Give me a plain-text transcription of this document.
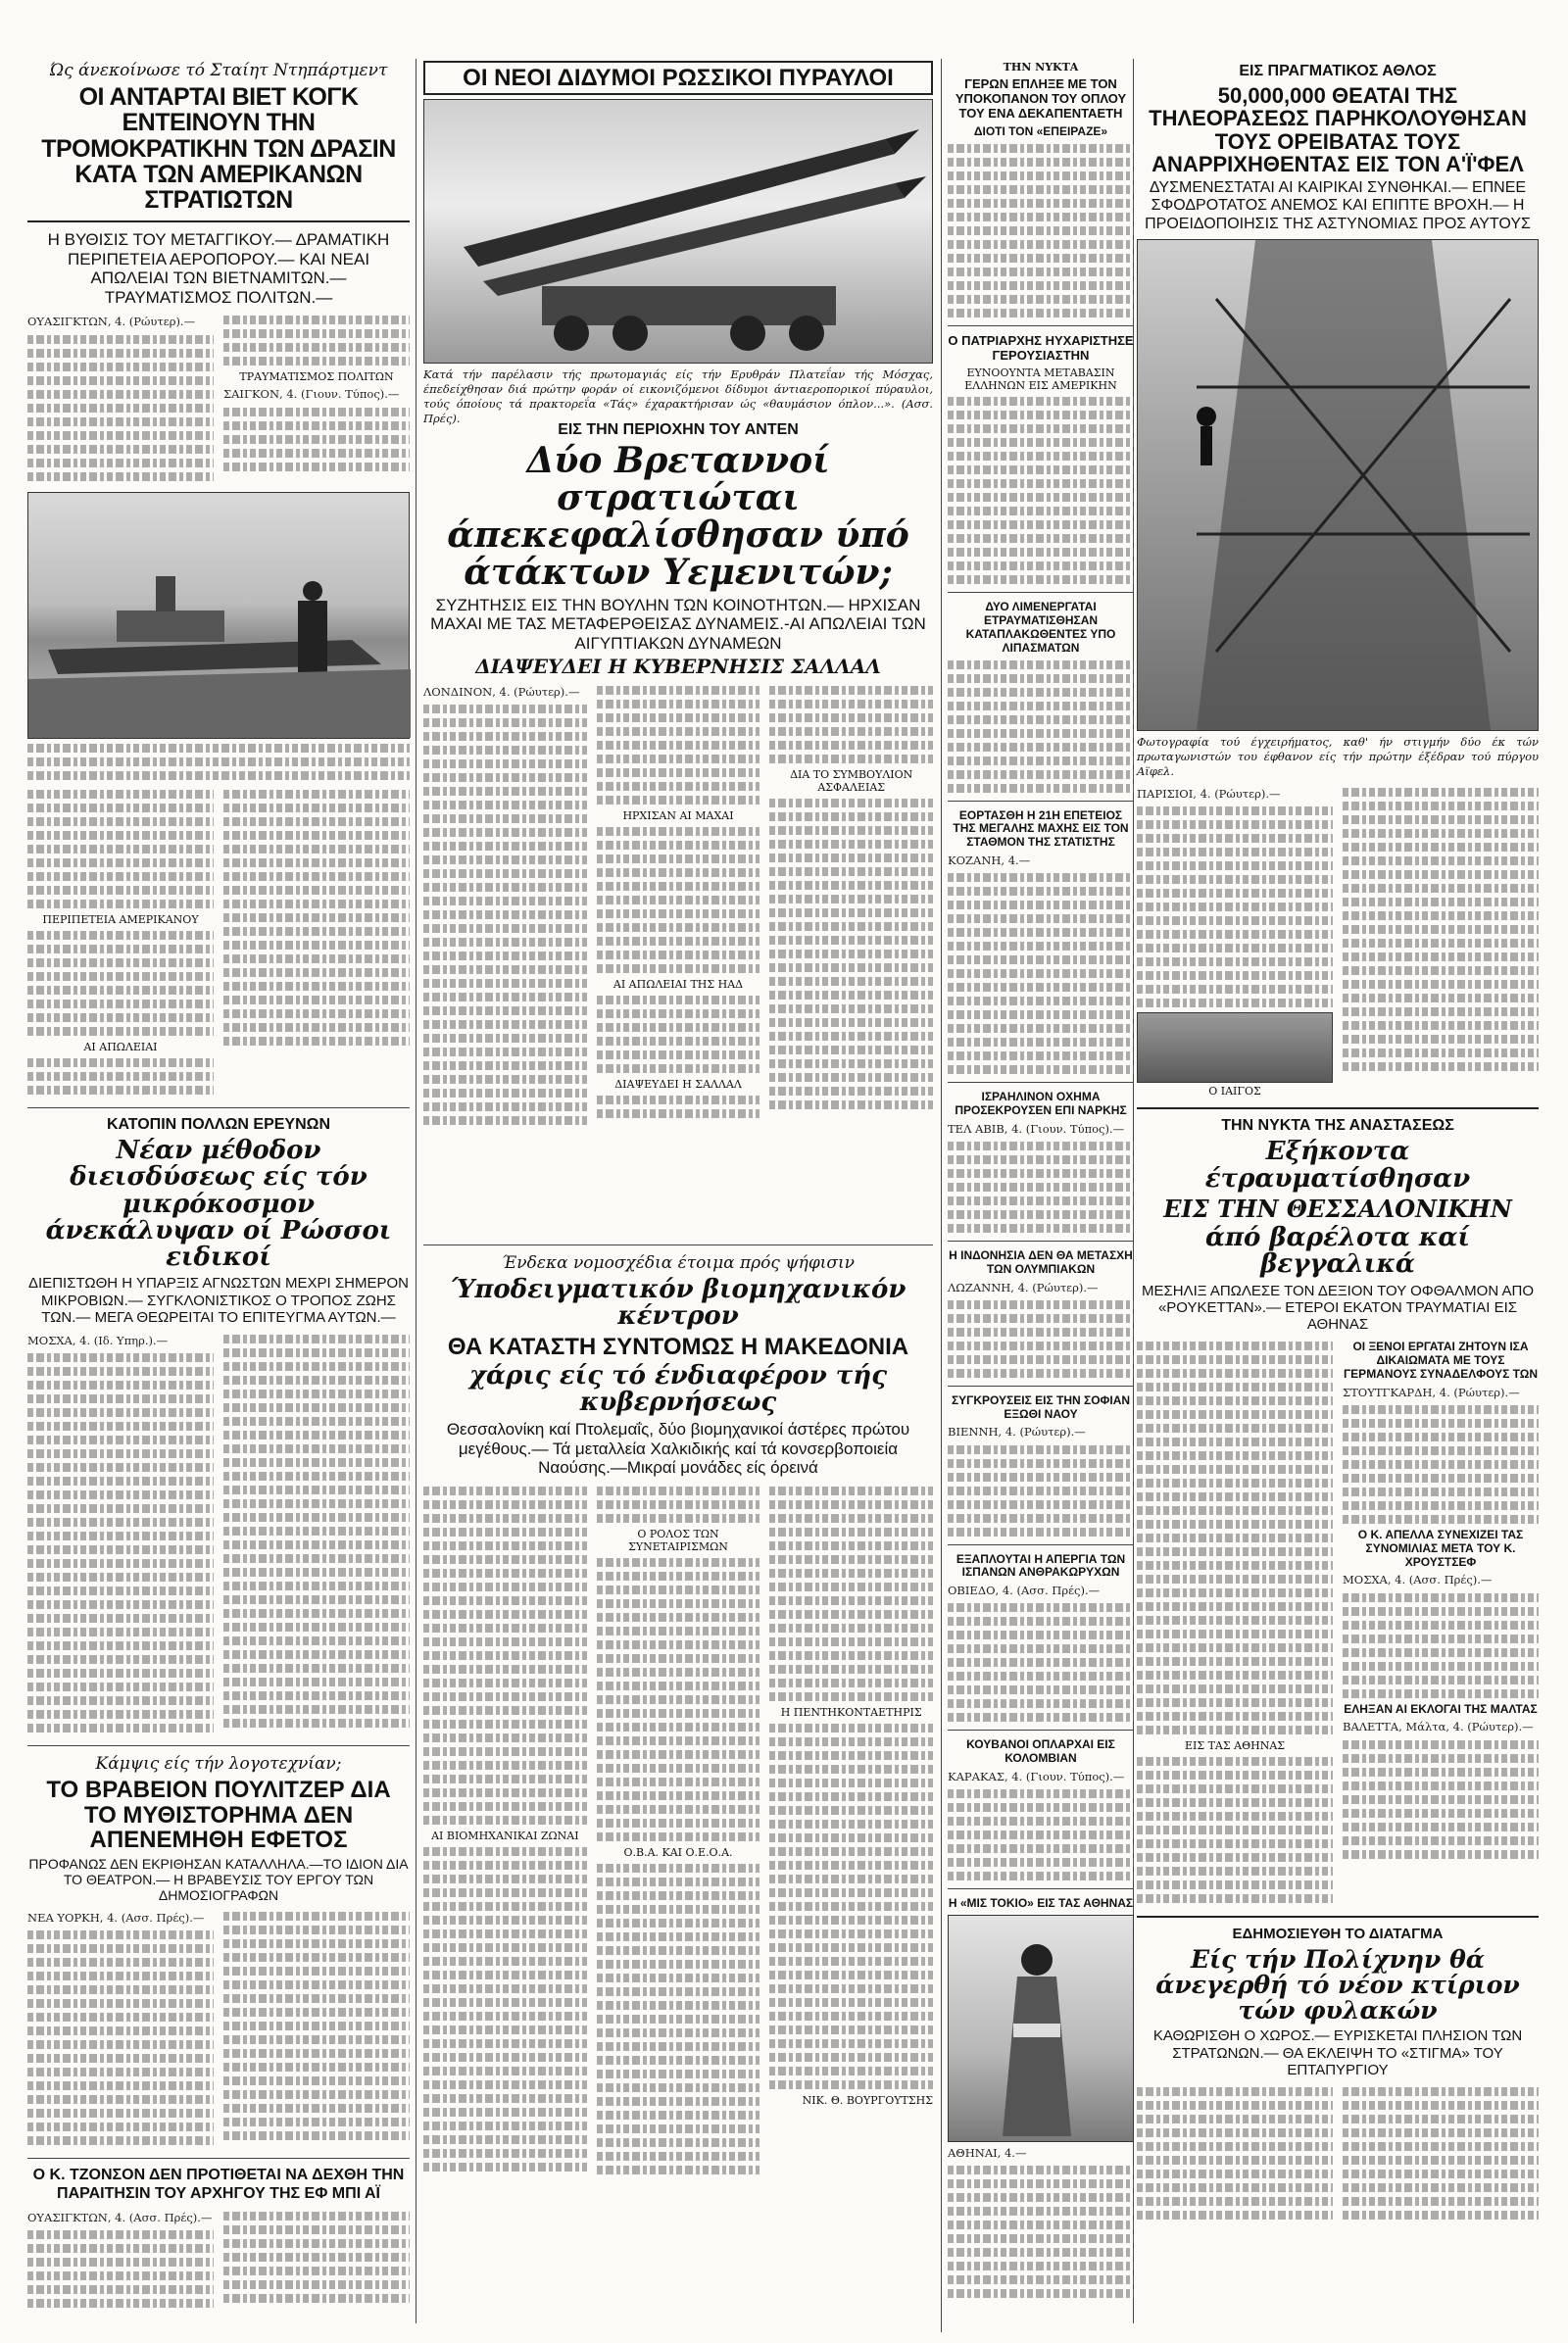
Ώς άνεκοίνωσε τό Σταίητ Ντηπάρτμεντ
ΟΙ ΑΝΤΑΡΤΑΙ ΒΙΕΤ ΚΟΓΚ ΕΝΤΕΙΝΟΥΝ ΤΗΝ ΤΡΟΜΟΚΡΑΤΙΚΗΝ ΤΩΝ ΔΡΑΣΙΝ ΚΑΤΑ ΤΩΝ ΑΜΕΡΙΚΑΝΩΝ ΣΤΡΑΤΙΩΤΩΝ
Η ΒΥΘΙΣΙΣ ΤΟΥ ΜΕΤΑΓΓΙΚΟΥ.— ΔΡΑΜΑΤΙΚΗ ΠΕΡΙΠΕΤΕΙΑ ΑΕΡΟΠΟΡΟΥ.— ΚΑΙ ΝΕΑΙ ΑΠΩΛΕΙΑΙ ΤΩΝ ΒΙΕΤΝΑΜΙΤΩΝ.— ΤΡΑΥΜΑΤΙΣΜΟΣ ΠΟΛΙΤΩΝ.—
ΟΥΑΣΙΓΚΤΩΝ, 4. (Ρώυτερ).—
ΤΡΑΥΜΑΤΙΣΜΟΣ ΠΟΛΙΤΩΝ
ΣΑΙΓΚΟΝ, 4. (Γιουν. Τύπος).—
ΠΕΡΙΠΕΤΕΙΑ ΑΜΕΡΙΚΑΝΟΥ
ΑΙ ΑΠΩΛΕΙΑΙ
ΚΑΤΟΠΙΝ ΠΟΛΛΩΝ ΕΡΕΥΝΩΝ
Νέαν μέθοδον διεισδύσεως είς τόν μικρόκοσμον άνεκάλυψαν οί Ρώσσοι ειδικοί
ΔΙΕΠΙΣΤΩΘΗ Η ΥΠΑΡΞΙΣ ΑΓΝΩΣΤΩΝ ΜΕΧΡΙ ΣΗΜΕΡΟΝ ΜΙΚΡΟΒΙΩΝ.— ΣΥΓΚΛΟΝΙΣΤΙΚΟΣ Ο ΤΡΟΠΟΣ ΖΩΗΣ ΤΩΝ.— ΜΕΓΑ ΘΕΩΡΕΙΤΑΙ ΤΟ ΕΠΙΤΕΥΓΜΑ ΑΥΤΩΝ.—
ΜΟΣΧΑ, 4. (Ιδ. Υπηρ.).—
Κάμψις είς τήν λογοτεχνίαν;
ΤΟ ΒΡΑΒΕΙΟΝ ΠΟΥΛΙΤΖΕΡ ΔΙΑ ΤΟ ΜΥΘΙΣΤΟΡΗΜΑ ΔΕΝ ΑΠΕΝΕΜΗΘΗ ΕΦΕΤΟΣ
ΠΡΟΦΑΝΩΣ ΔΕΝ ΕΚΡΙΘΗΣΑΝ ΚΑΤΑΛΛΗΛΑ.—ΤΟ ΙΔΙΟΝ ΔΙΑ ΤΟ ΘΕΑΤΡΟΝ.— Η ΒΡΑΒΕΥΣΙΣ ΤΟΥ ΕΡΓΟΥ ΤΩΝ ΔΗΜΟΣΙΟΓΡΑΦΩΝ
ΝΕΑ ΥΟΡΚΗ, 4. (Ασσ. Πρές).—
Ο Κ. ΤΖΟΝΣΟΝ ΔΕΝ ΠΡΟΤΙΘΕΤΑΙ ΝΑ ΔΕΧΘΗ ΤΗΝ ΠΑΡΑΙΤΗΣΙΝ ΤΟΥ ΑΡΧΗΓΟΥ ΤΗΣ ΕΦ ΜΠΙ ΑΪ
ΟΥΑΣΙΓΚΤΩΝ, 4. (Ασσ. Πρές).—
ΟΙ ΝΕΟΙ ΔΙΔΥΜΟΙ ΡΩΣΣΙΚΟΙ ΠΥΡΑΥΛΟΙ
Κατά τήν παρέλασιν τής πρωτομαγιάς είς τήν Ερυθράν Πλατεΐαν τής Μόσχας, έπεδείχθησαν διά πρώτην φοράν οί εικονιζόμενοι δίδυμοι άντιαεροπορικοί πύραυλοι, τούς όποίους τά πρακτορεΐα «Τάς» έχαρακτήρισαν ώς «θαυμάσιον όπλον...». (Ασσ. Πρές).
ΤΗΝ ΝΥΚΤΑ
ΓΕΡΩΝ ΕΠΛΗΞΕ ΜΕ ΤΟΝ ΥΠΟΚΟΠΑΝΟΝ ΤΟΥ ΟΠΛΟΥ ΤΟΥ ΕΝΑ ΔΕΚΑΠΕΝΤΑΕΤΗ
ΔΙΟΤΙ ΤΟΝ «ΕΠΕΙΡΑΖΕ»
Ο ΠΑΤΡΙΑΡΧΗΣ ΗΥΧΑΡΙΣΤΗΣΕ ΓΕΡΟΥΣΙΑΣΤΗΝ
ΕΥΝΟΟΥΝΤΑ ΜΕΤΑΒΑΣΙΝ ΕΛΛΗΝΩΝ ΕΙΣ ΑΜΕΡΙΚΗΝ
ΔΥΟ ΛΙΜΕΝΕΡΓΑΤΑΙ ΕΤΡΑΥΜΑΤΙΣΘΗΣΑΝ ΚΑΤΑΠΛΑΚΩΘΕΝΤΕΣ ΥΠΟ ΛΙΠΑΣΜΑΤΩΝ
ΕΟΡΤΑΣΘΗ Η 21Η ΕΠΕΤΕΙΟΣ ΤΗΣ ΜΕΓΑΛΗΣ ΜΑΧΗΣ ΕΙΣ ΤΟΝ ΣΤΑΘΜΟΝ ΤΗΣ ΣΤΑΤΙΣΤΗΣ
ΚΟΖΑΝΗ, 4.—
ΙΣΡΑΗΛΙΝΟΝ ΟΧΗΜΑ ΠΡΟΣΕΚΡΟΥΣΕΝ ΕΠΙ ΝΑΡΚΗΣ
ΤΕΛ ΑΒΙΒ, 4. (Γιουν. Τύπος).—
Η ΙΝΔΟΝΗΣΙΑ ΔΕΝ ΘΑ ΜΕΤΑΣΧΗ ΤΩΝ ΟΛΥΜΠΙΑΚΩΝ
ΛΩΖΑΝΝΗ, 4. (Ρώυτερ).—
ΣΥΓΚΡΟΥΣΕΙΣ ΕΙΣ ΤΗΝ ΣΟΦΙΑΝ ΕΞΩΘΙ ΝΑΟΥ
ΒΙΕΝΝΗ, 4. (Ρώυτερ).—
ΕΞΑΠΛΟΥΤΑΙ Η ΑΠΕΡΓΙΑ ΤΩΝ ΙΣΠΑΝΩΝ ΑΝΘΡΑΚΩΡΥΧΩΝ
ΟΒΙΕΔΟ, 4. (Ασσ. Πρές).—
ΚΟΥΒΑΝΟΙ ΟΠΛΑΡΧΑΙ ΕΙΣ ΚΟΛΟΜΒΙΑΝ
ΚΑΡΑΚΑΣ, 4. (Γιουν. Τύπος).—
Η «ΜΙΣ ΤΟΚΙΟ» ΕΙΣ ΤΑΣ ΑΘΗΝΑΣ
ΑΘΗΝΑΙ, 4.—
ΕΙΣ ΤΗΝ ΠΕΡΙΟΧΗΝ ΤΟΥ ΑΝΤΕΝ
Δύο Βρεταννοί στρατιώται άπεκεφαλίσθησαν ύπό άτάκτων Υεμενιτών;
ΣΥΖΗΤΗΣΙΣ ΕΙΣ ΤΗΝ ΒΟΥΛΗΝ ΤΩΝ ΚΟΙΝΟΤΗΤΩΝ.— ΗΡΧΙΣΑΝ ΜΑΧΑΙ ΜΕ ΤΑΣ ΜΕΤΑΦΕΡΘΕΙΣΑΣ ΔΥΝΑΜΕΙΣ.-ΑΙ ΑΠΩΛΕΙΑΙ ΤΩΝ ΑΙΓΥΠΤΙΑΚΩΝ ΔΥΝΑΜΕΩΝ
ΔΙΑΨΕΥΔΕΙ Η ΚΥΒΕΡΝΗΣΙΣ ΣΑΛΛΑΛ
ΛΟΝΔΙΝΟΝ, 4. (Ρώυτερ).—
ΗΡΧΙΣΑΝ ΑΙ ΜΑΧΑΙ
ΑΙ ΑΠΩΛΕΙΑΙ ΤΗΣ ΗΑΔ
ΔΙΑΨΕΥΔΕΙ Η ΣΑΛΛΑΛ
ΔΙΑ ΤΟ ΣΥΜΒΟΥΛΙΟΝ ΑΣΦΑΛΕΙΑΣ
Ένδεκα νομοσχέδια έτοιμα πρός ψήφισιν
Ύποδειγματικόν βιομηχανικόν κέντρον
ΘΑ ΚΑΤΑΣΤΗ ΣΥΝΤΟΜΩΣ Η ΜΑΚΕΔΟΝΙΑ
χάρις είς τό ένδιαφέρον τής κυβερνήσεως
Θεσσαλονίκη καί Πτολεμαΐς, δύο βιομηχανικοί άστέρες πρώτου μεγέθους.— Τά μεταλλεία Χαλκιδικής καί τά κονσερβοποιεία Ναούσης.—Μικραί μονάδες είς όρεινά
ΑΙ ΒΙΟΜΗΧΑΝΙΚΑΙ ΖΩΝΑΙ
Ο ΡΟΛΟΣ ΤΩΝ ΣΥΝΕΤΑΙΡΙΣΜΩΝ
Ο.Β.Α. ΚΑΙ Ο.Ε.Ο.Α.
Η ΠΕΝΤΗΚΟΝΤΑΕΤΗΡΙΣ
ΝΙΚ. Θ. ΒΟΥΡΓΟΥΤΣΗΣ
ΕΙΣ ΠΡΑΓΜΑΤΙΚΟΣ ΑΘΛΟΣ
50,000,000 ΘΕΑΤΑΙ ΤΗΣ ΤΗΛΕΟΡΑΣΕΩΣ ΠΑΡΗΚΟΛΟΥΘΗΣΑΝ ΤΟΥΣ ΟΡΕΙΒΑΤΑΣ ΤΟΥΣ ΑΝΑΡΡΙΧΗΘΕΝΤΑΣ ΕΙΣ ΤΟΝ Α'Ϊ'ΦΕΛ
ΔΥΣΜΕΝΕΣΤΑΤΑΙ ΑΙ ΚΑΙΡΙΚΑΙ ΣΥΝΘΗΚΑΙ.— ΕΠΝΕΕ ΣΦΟΔΡΟΤΑΤΟΣ ΑΝΕΜΟΣ ΚΑΙ ΕΠΙΠΤΕ ΒΡΟΧΗ.— Η ΠΡΟΕΙΔΟΠΟΙΗΣΙΣ ΤΗΣ ΑΣΤΥΝΟΜΙΑΣ ΠΡΟΣ ΑΥΤΟΥΣ
Φωτογραφία τού έγχειρήματος, καθ' ήν στιγμήν δύο έκ τών πρωταγωνιστών του έφθανον είς τήν πρώτην έξέδραν τού πύργου Αϊφελ.
ΠΑΡΙΣΙΟΙ, 4. (Ρώυτερ).—
Ο ΙΑΙΓΟΣ
ΤΗΝ ΝΥΚΤΑ ΤΗΣ ΑΝΑΣΤΑΣΕΩΣ
Εξήκοντα έτραυματίσθησαν
ΕΙΣ ΤΗΝ ΘΕΣΣΑΛΟΝΙΚΗΝ
άπό βαρέλοτα καί βεγγαλικά
ΜΕΣΗΛΙΞ ΑΠΩΛΕΣΕ ΤΟΝ ΔΕΞΙΟΝ ΤΟΥ ΟΦΘΑΛΜΟΝ ΑΠΟ «ΡΟΥΚΕΤΤΑΝ».— ΕΤΕΡΟΙ ΕΚΑΤΟΝ ΤΡΑΥΜΑΤΙΑΙ ΕΙΣ ΑΘΗΝΑΣ
ΕΙΣ ΤΑΣ ΑΘΗΝΑΣ
ΟΙ ΞΕΝΟΙ ΕΡΓΑΤΑΙ ΖΗΤΟΥΝ ΙΣΑ ΔΙΚΑΙΩΜΑΤΑ ΜΕ ΤΟΥΣ ΓΕΡΜΑΝΟΥΣ ΣΥΝΑΔΕΛΦΟΥΣ ΤΩΝ
ΣΤΟΥΤΓΚΑΡΔΗ, 4. (Ρώυτερ).—
Ο Κ. ΑΠΕΛΛΑ ΣΥΝΕΧΙΖΕΙ ΤΑΣ ΣΥΝΟΜΙΛΙΑΣ ΜΕΤΑ ΤΟΥ Κ. ΧΡΟΥΣΤΣΕΦ
ΜΟΣΧΑ, 4. (Ασσ. Πρές).—
ΕΛΗΞΑΝ ΑΙ ΕΚΛΟΓΑΙ ΤΗΣ ΜΑΛΤΑΣ
ΒΑΛΕΤΤΑ, Μάλτα, 4. (Ρώυτερ).—
ΕΔΗΜΟΣΙΕΥΘΗ ΤΟ ΔΙΑΤΑΓΜΑ
Είς τήν Πολίχνην θά άνεγερθή τό νέον κτίριον τών φυλακών
ΚΑΘΩΡΙΣΘΗ Ο ΧΩΡΟΣ.— ΕΥΡΙΣΚΕΤΑΙ ΠΛΗΣΙΟΝ ΤΩΝ ΣΤΡΑΤΩΝΩΝ.— ΘΑ ΕΚΛΕΙΨΗ ΤΟ «ΣΤΙΓΜΑ» ΤΟΥ ΕΠΤΑΠΥΡΓΙΟΥ
